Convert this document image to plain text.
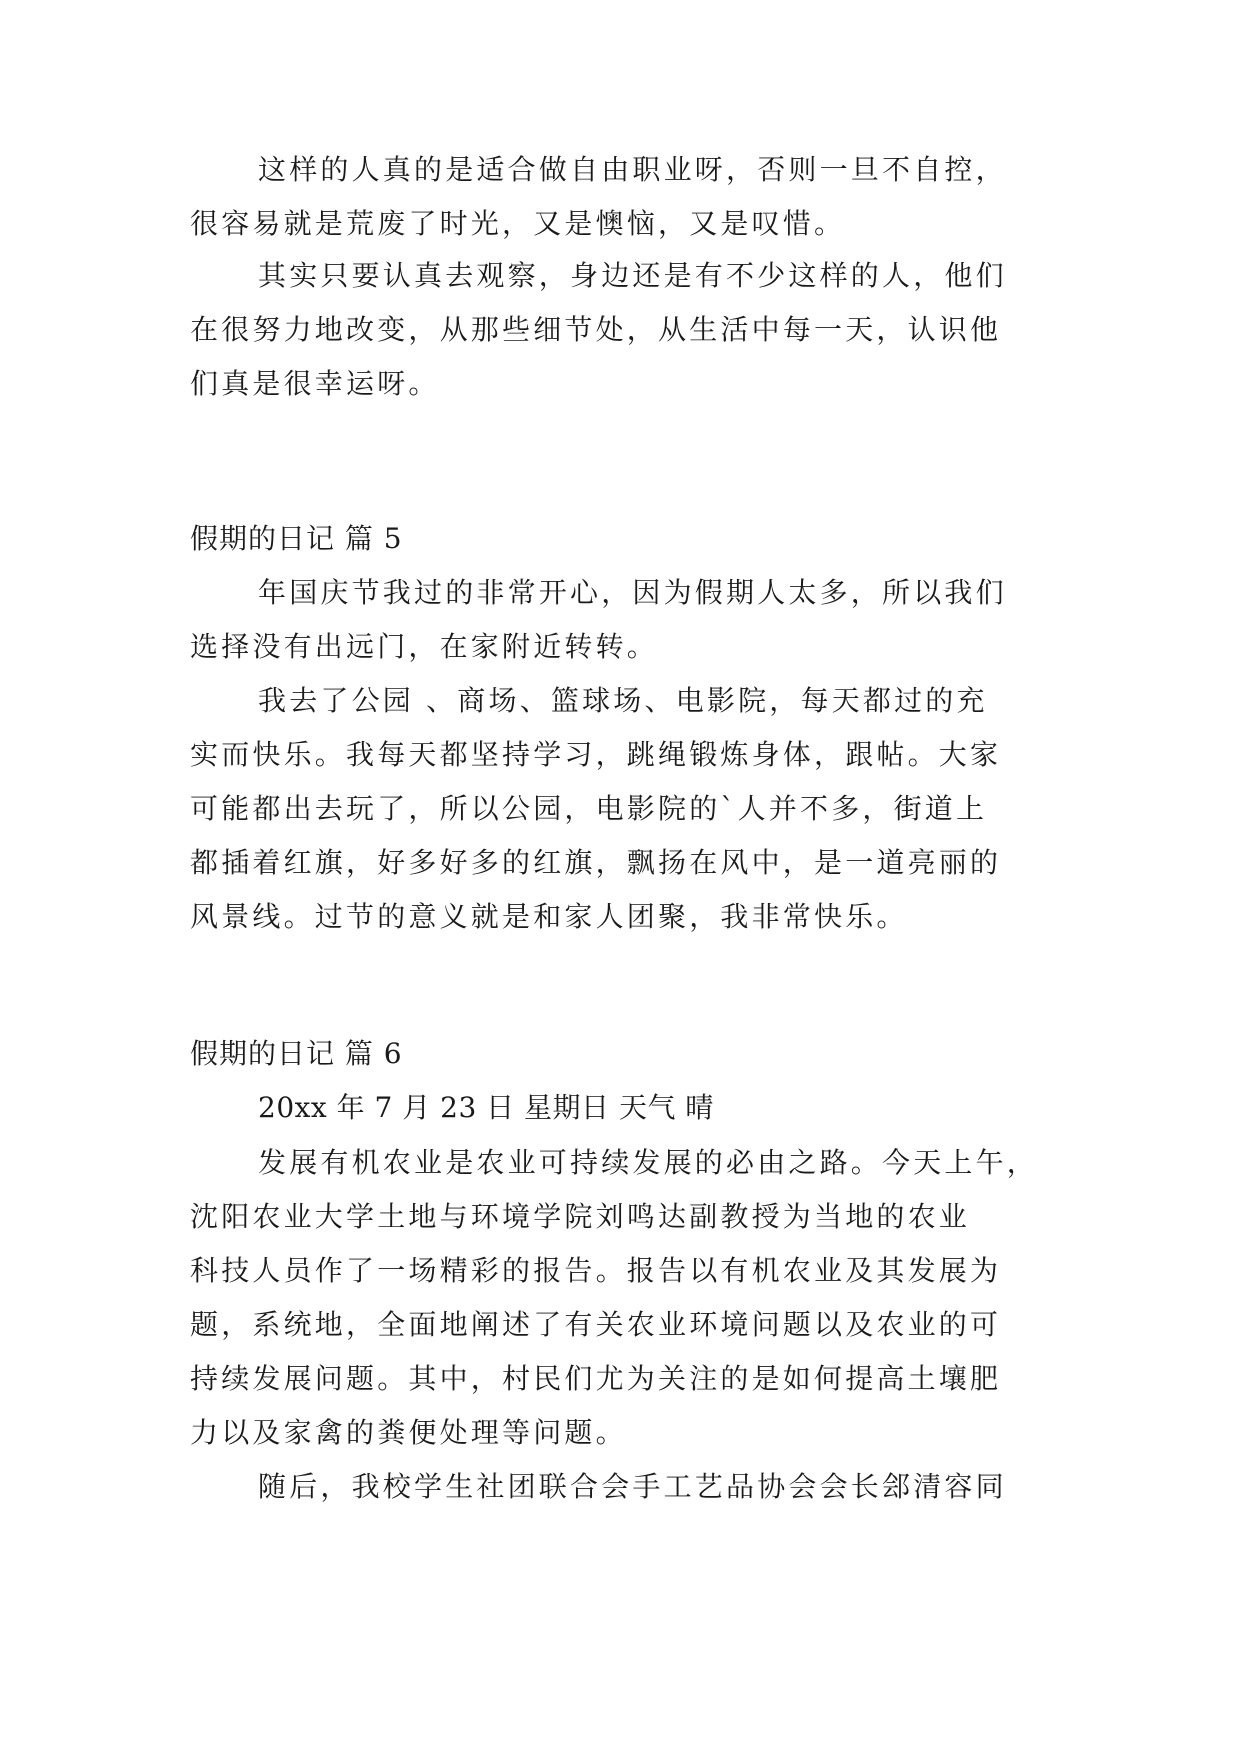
这样的人真的是适合做自由职业呀，否则一旦不自控，
很容易就是荒废了时光，又是懊恼，又是叹惜。
其实只要认真去观察，身边还是有不少这样的人，他们
在很努力地改变，从那些细节处，从生活中每一天，认识他
们真是很幸运呀。
假期的日记 篇 5
年国庆节我过的非常开心，因为假期人太多，所以我们
选择没有出远门，在家附近转转。
我去了公园 、商场、篮球场、电影院，每天都过的充
实而快乐。我每天都坚持学习，跳绳锻炼身体，跟帖。大家
可能都出去玩了，所以公园，电影院的`人并不多，街道上
都插着红旗，好多好多的红旗，飘扬在风中，是一道亮丽的
风景线。过节的意义就是和家人团聚，我非常快乐。
假期的日记 篇 6
20xx 年 7 月 23 日 星期日 天气 晴
发展有机农业是农业可持续发展的必由之路。今天上午，
沈阳农业大学土地与环境学院刘鸣达副教授为当地的农业
科技人员作了一场精彩的报告。报告以有机农业及其发展为
题，系统地，全面地阐述了有关农业环境问题以及农业的可
持续发展问题。其中，村民们尤为关注的是如何提高土壤肥
力以及家禽的粪便处理等问题。
随后，我校学生社团联合会手工艺品协会会长郐清容同
